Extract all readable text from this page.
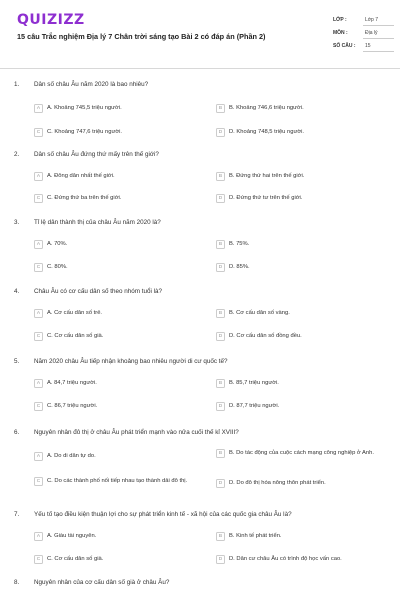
QUIZIZZ
15 câu Trắc nghiệm Địa lý 7 Chân trời sáng tạo Bài 2 có đáp án (Phần 2)
LỚP :	Lớp 7
MÔN :	Địa lý
SỐ CÂU : 15
1. Dân số châu Âu năm 2020 là bao nhiêu?
A	A. Khoảng 745,5 triệu người.	B	B. Khoảng 746,6 triệu người.
C	C. Khoảng 747,6 triệu người.	D	D. Khoảng 748,5 triệu người.
2. Dân số châu Âu đứng thứ mấy trên thế giới?
A	A. Đông dân nhất thế giới.	B	B. Đứng thứ hai trên thế giới.
C	C. Đứng thứ ba trên thế giới.	D	D. Đứng thứ tư trên thế giới.
3. Tỉ lệ dân thành thị của châu Âu năm 2020 là?
A	A. 70%.	B	B. 75%.
C	C. 80%.	D	D. 85%.
4. Châu Âu có cơ cấu dân số theo nhóm tuổi là?
A	A. Cơ cấu dân số trẻ.	B	B. Cơ cấu dân số vàng.
C	C. Cơ cấu dân số già.	D	D. Cơ cấu dân số đồng đều.
5. Năm 2020 châu Âu tiếp nhận khoảng bao nhiêu người di cư quốc tế?
A	A. 84,7 triệu người.	B	B. 85,7 triệu người.
C	C. 86,7 triệu người.	D	D. 87,7 triệu người.
6. Nguyên nhân đô thị ở châu Âu phát triển mạnh vào nửa cuối thế kỉ XVIII?
A	A. Do di dân tự do.	B	B. Do tác động của cuộc cách mạng công nghiệp ở Anh.
C	C. Do các thành phố nối tiếp nhau tạo thành dải đô thị.	D	D. Do đô thị hóa nông thôn phát triển.
7. Yếu tố tạo điều kiện thuận lợi cho sự phát triển kinh tế - xã hội của các quốc gia châu Âu là?
A	A. Giàu tài nguyên.	B	B. Kinh tế phát triển.
C	C. Cơ cấu dân số già.	D	D. Dân cư châu Âu có trình độ học vấn cao.
8. Nguyên nhân của cơ cấu dân số già ở châu Âu?
